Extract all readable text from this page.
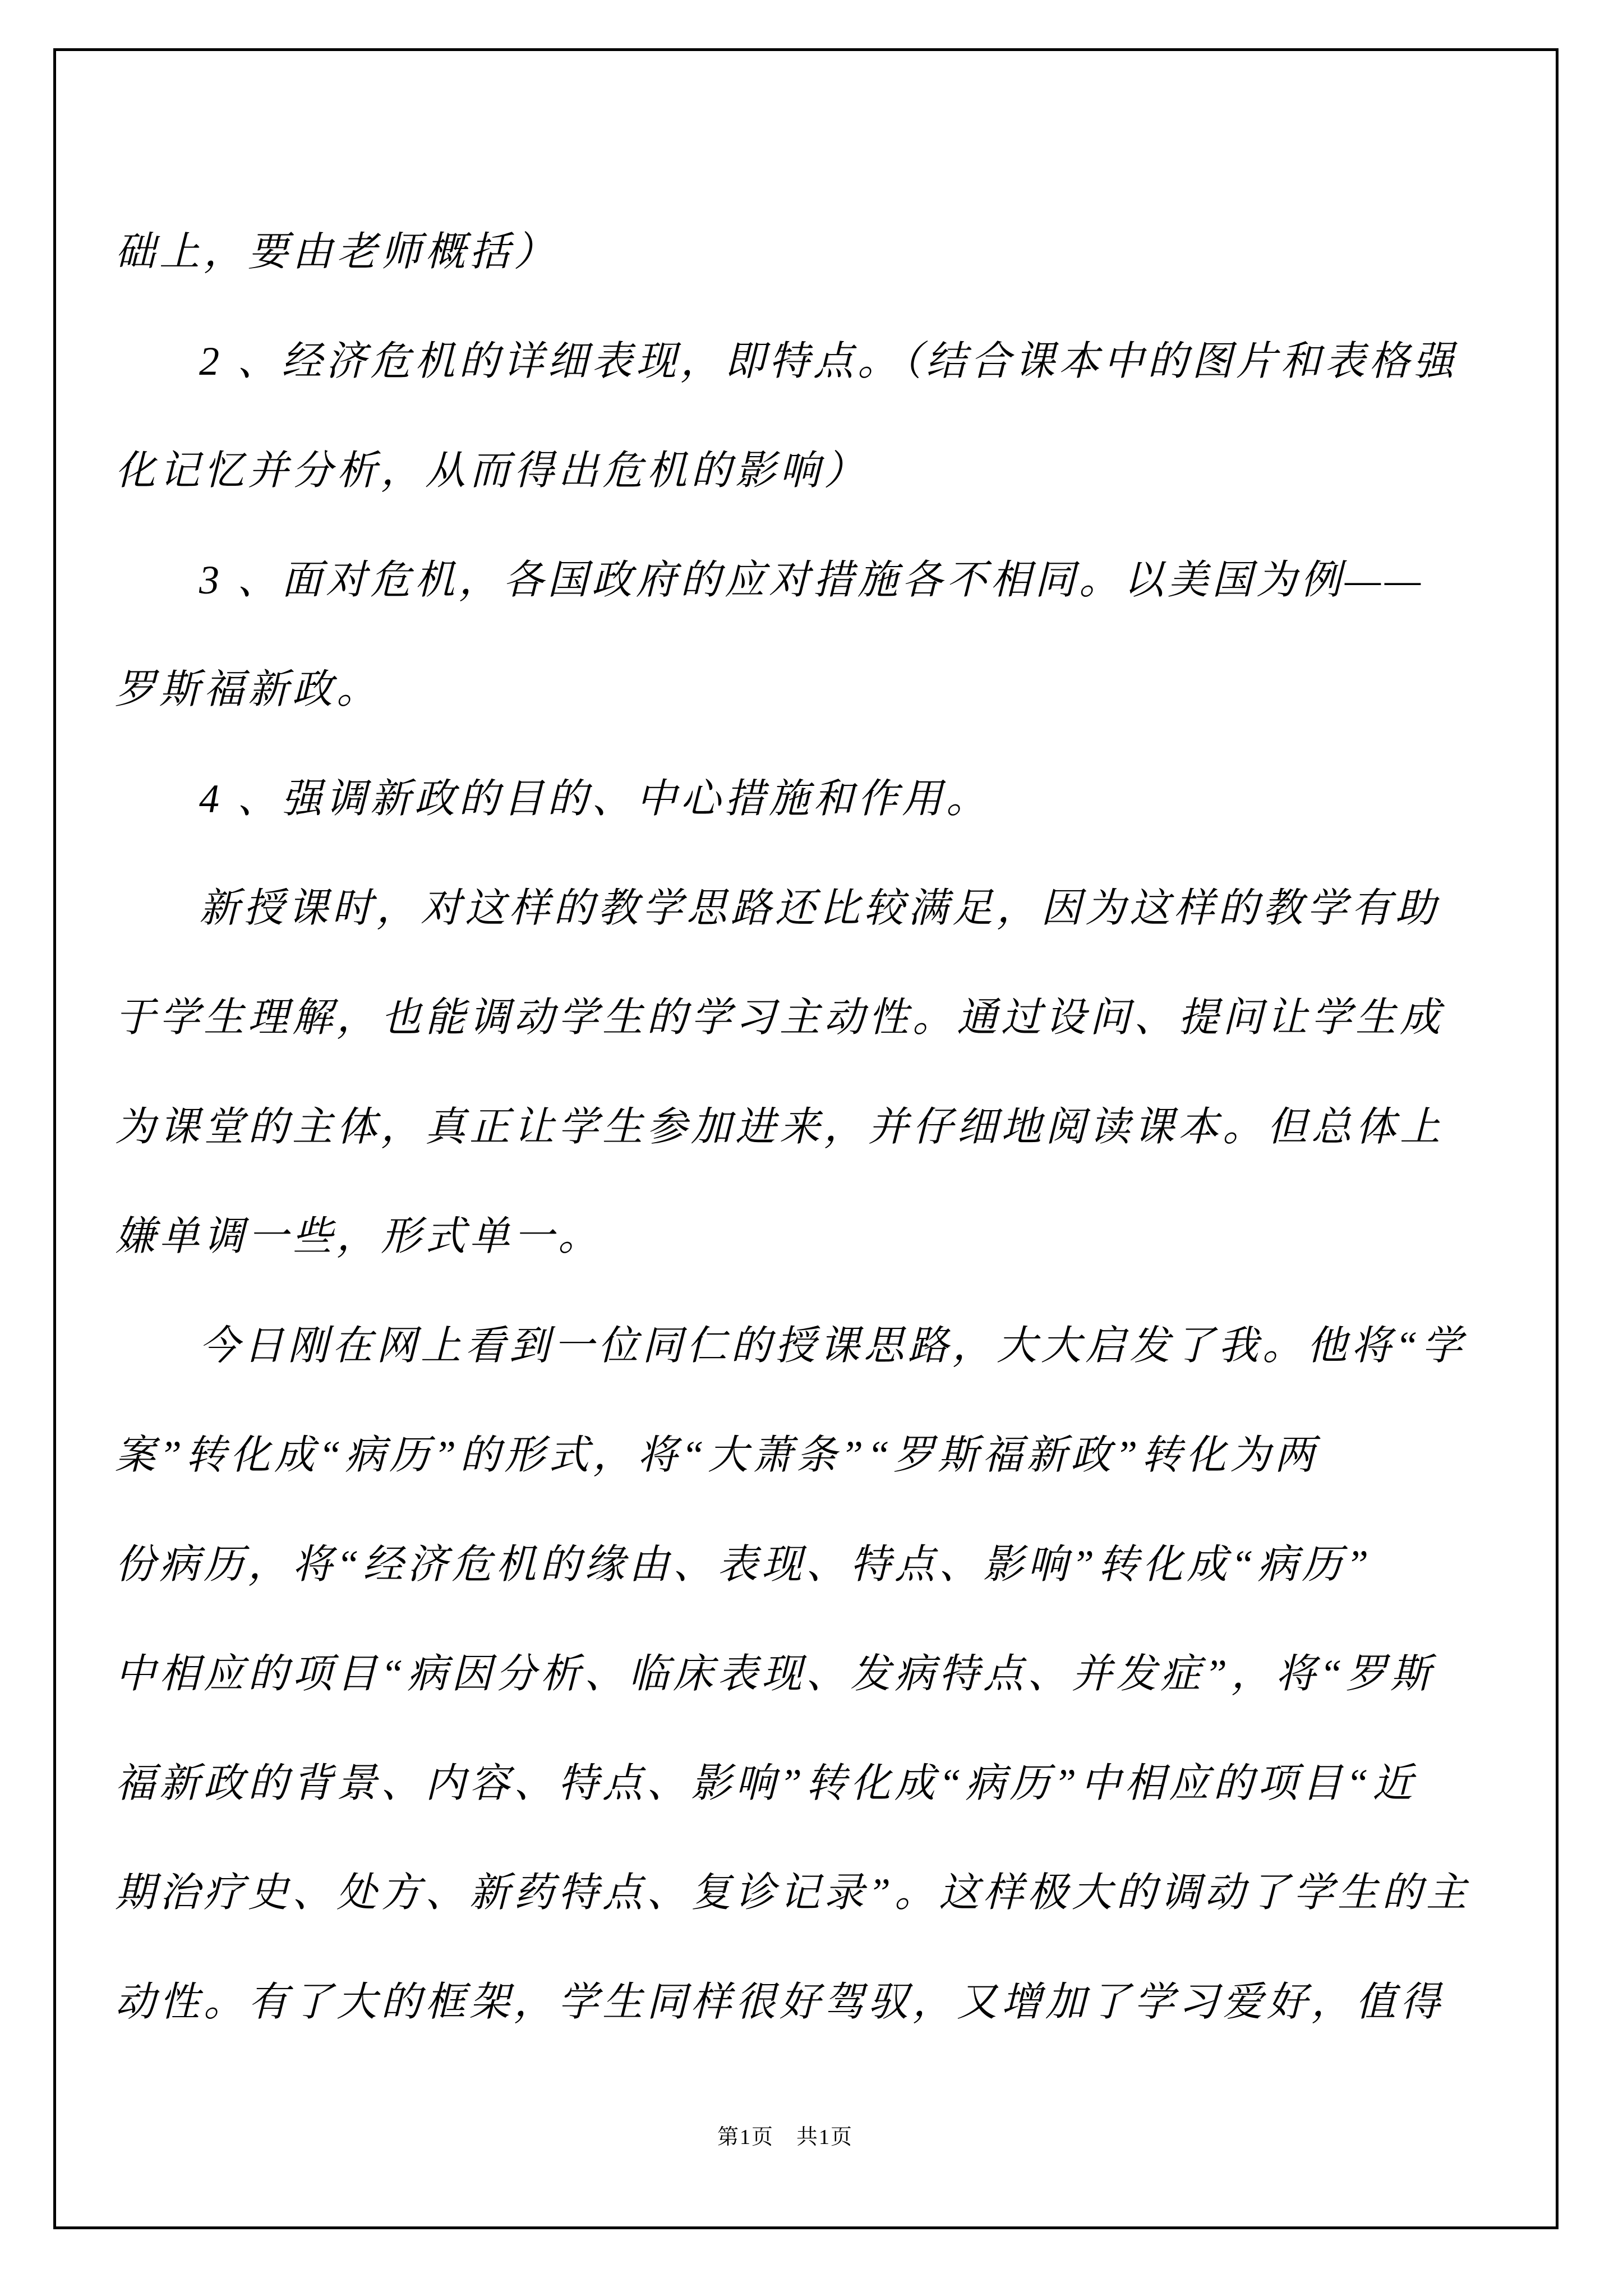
础上，要由老师概括）

2 、经济危机的详细表现，即特点。（结合课本中的图片和表格强

化记忆并分析，从而得出危机的影响）

3 、面对危机，各国政府的应对措施各不相同。以美国为例——

罗斯福新政。

4 、强调新政的目的、中心措施和作用。

新授课时，对这样的教学思路还比较满足，因为这样的教学有助

于学生理解，也能调动学生的学习主动性。通过设问、提问让学生成

为课堂的主体，真正让学生参加进来，并仔细地阅读课本。但总体上

嫌单调一些，形式单一。

今日刚在网上看到一位同仁的授课思路，大大启发了我。他将“学

案”转化成“病历”的形式，将“大萧条”“罗斯福新政”转化为两

份病历，将“经济危机的缘由、表现、特点、影响”转化成“病历”

中相应的项目“病因分析、临床表现、发病特点、并发症”，将“罗斯

福新政的背景、内容、特点、影响”转化成“病历”中相应的项目“近

期治疗史、处方、新药特点、复诊记录”。这样极大的调动了学生的主

动性。有了大的框架，学生同样很好驾驭，又增加了学习爱好，值得

第1页　共1页
